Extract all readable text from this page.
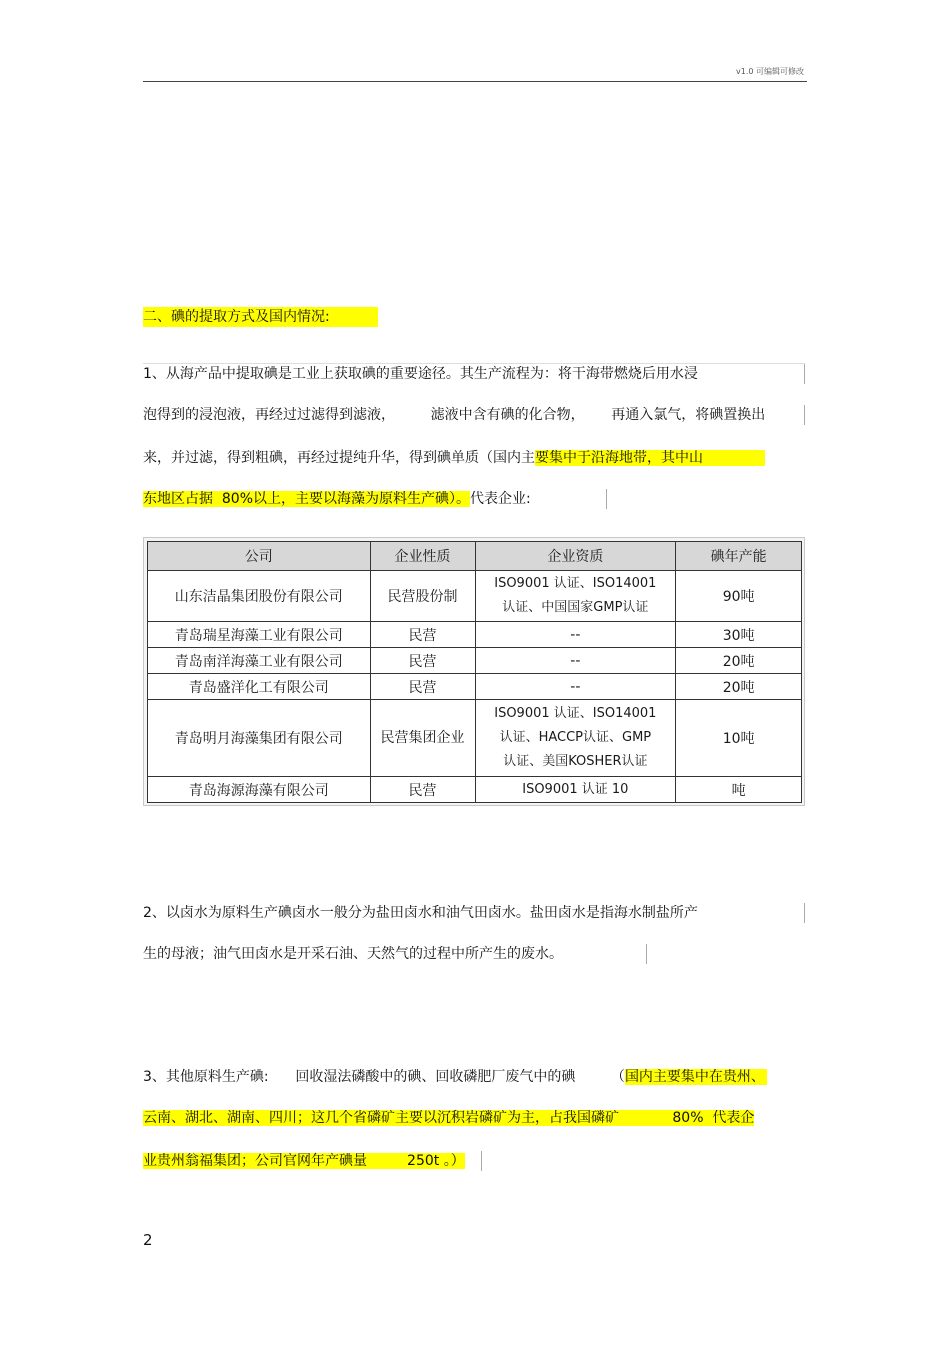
v1.0 可编辑可修改
二、碘的提取方式及国内情况:
1、从海产品中提取碘是工业上获取碘的重要途径。其生产流程为：将干海带燃烧后用水浸
泡得到的浸泡液，再经过过滤得到滤液，        滤液中含有碘的化合物，      再通入氯气，将碘置换出
来，并过滤，得到粗碘，再经过提纯升华，得到碘单质（国内主要集中于沿海地带，其中山
东地区占据  80%以上，主要以海藻为原料生产碘）。代表企业:
公司	企业性质	企业资质	碘年产能
山东洁晶集团股份有限公司	民营股份制	ISO9001 认证、ISO14001
认证、中国国家GMP认证	90吨
青岛瑞星海藻工业有限公司	民营	--	30吨
青岛南洋海藻工业有限公司	民营	--	20吨
青岛盛洋化工有限公司	民营	--	20吨
青岛明月海藻集团有限公司	民营集团企业	ISO9001 认证、ISO14001
认证、HACCP认证、GMP
认证、美国KOSHER认证	10吨
青岛海源海藻有限公司	民营	ISO9001 认证 10	吨
2、以卤水为原料生产碘卤水一般分为盐田卤水和油气田卤水。盐田卤水是指海水制盐所产
生的母液；油气田卤水是开采石油、天然气的过程中所产生的废水。
3、其他原料生产碘:      回收湿法磷酸中的碘、回收磷肥厂废气中的碘        （国内主要集中在贵州、
云南、湖北、湖南、四川；这几个省磷矿主要以沉积岩磷矿为主，占我国磷矿            80%  代表企
业贵州翁福集团；公司官网年产碘量         250t 。）
2
